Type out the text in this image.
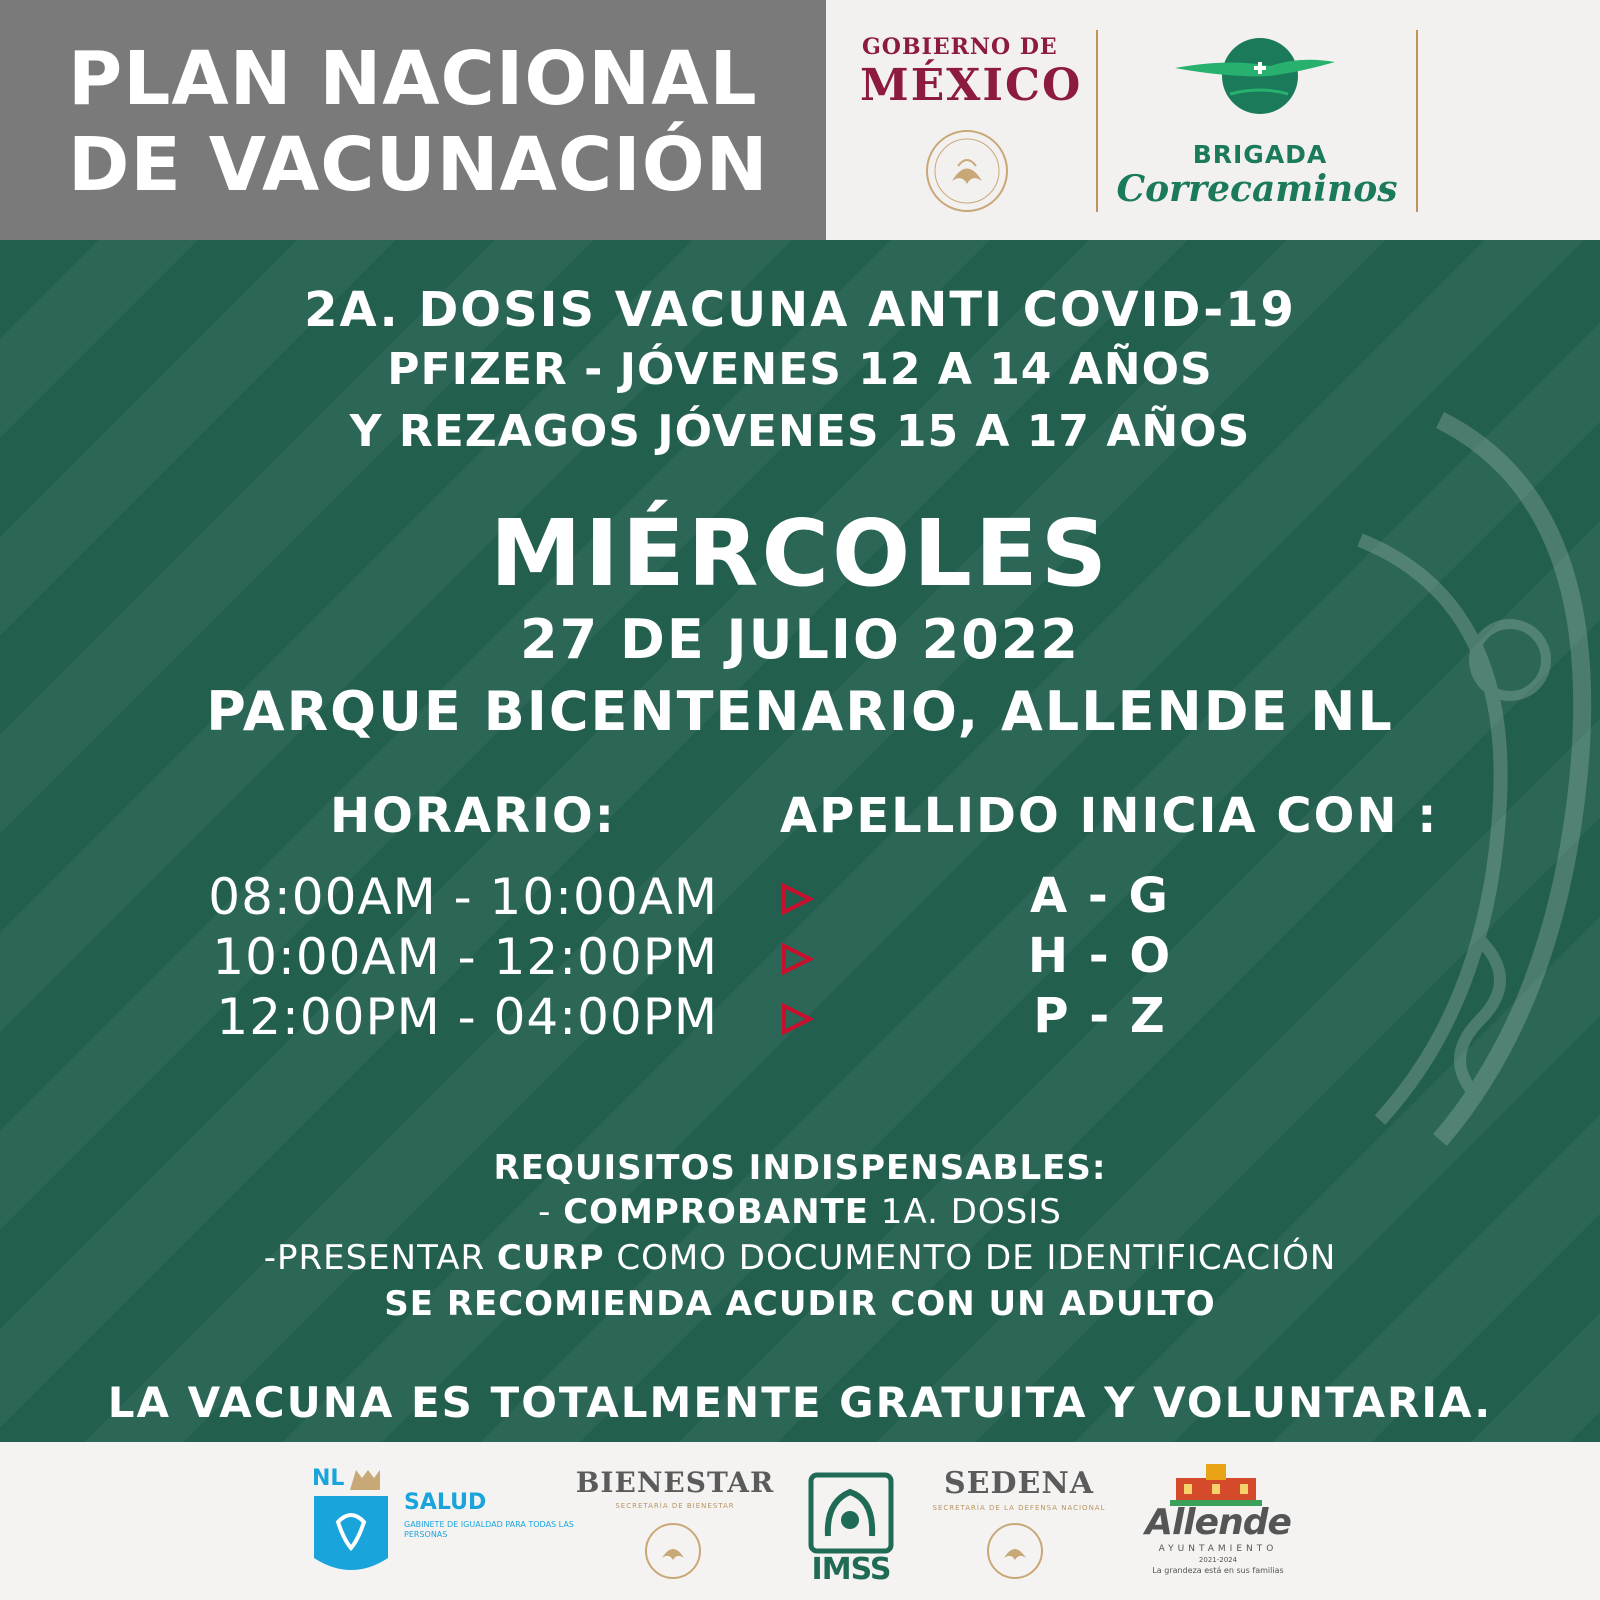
PLAN NACIONAL
DE VACUNACIÓN
GOBIERNO DE
MÉXICO
BRIGADA
Correcaminos
2A. DOSIS VACUNA ANTI COVID-19
PFIZER - JÓVENES 12 A 14 AÑOS
Y REZAGOS JÓVENES 15 A 17 AÑOS
MIÉRCOLES
27 DE JULIO 2022
PARQUE BICENTENARIO, ALLENDE NL
HORARIO:	APELLIDO INICIA CON :
08:00AM - 10:00AM	A - G
10:00AM - 12:00PM	H - O
12:00PM - 04:00PM	P - Z
REQUISITOS INDISPENSABLES:
- COMPROBANTE 1A. DOSIS
-PRESENTAR CURP COMO DOCUMENTO DE IDENTIFICACIÓN
SE RECOMIENDA ACUDIR CON UN ADULTO
LA VACUNA ES TOTALMENTE GRATUITA Y VOLUNTARIA.
NL
SALUD
GABINETE DE IGUALDAD PARA TODAS LAS PERSONAS
BIENESTAR
SECRETARÍA DE BIENESTAR
IMSS
SEDENA
SECRETARÍA DE LA DEFENSA NACIONAL	Allende
AYUNTAMIENTO
2021-2024
La grandeza está en sus familias
